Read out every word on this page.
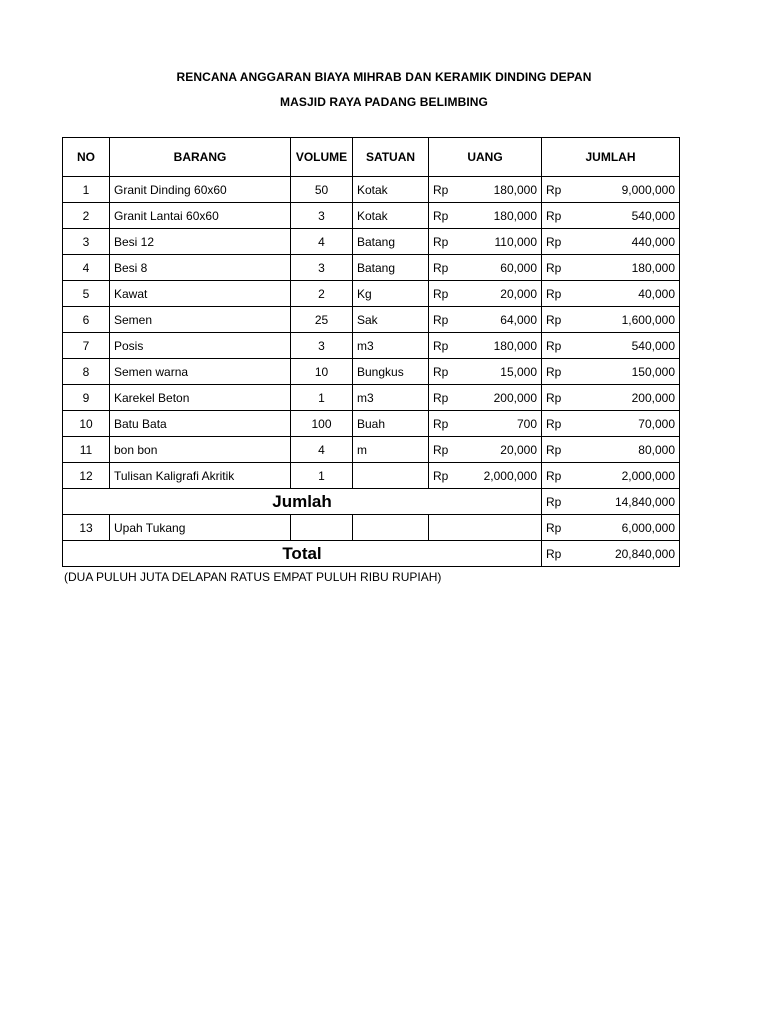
RENCANA ANGGARAN BIAYA MIHRAB DAN KERAMIK DINDING DEPAN
MASJID RAYA PADANG BELIMBING
NO	BARANG	VOLUME	SATUAN	UANG	JUMLAH
1	Granit Dinding 60x60	50	Kotak	Rp 180,000	Rp 9,000,000

2	Granit Lantai 60x60	3	Kotak	Rp 180,000	Rp 540,000

3	Besi 12	4	Batang	Rp 110,000	Rp 440,000

4	Besi 8	3	Batang	Rp 60,000	Rp 180,000

5	Kawat	2	Kg	Rp 20,000	Rp 40,000

6	Semen	25	Sak	Rp 64,000	Rp 1,600,000

7	Posis	3	m3	Rp 180,000	Rp 540,000

8	Semen warna	10	Bungkus	Rp 15,000	Rp 150,000

9	Karekel Beton	1	m3	Rp 200,000	Rp 200,000

10	Batu Bata	100	Buah	Rp 700	Rp 70,000

11	bon bon	4	m	Rp 20,000	Rp 80,000

12	Tulisan Kaligrafi Akritik	1		Rp 2,000,000	Rp 2,000,000

Jumlah					Rp 14,840,000

13	Upah Tukang				Rp 6,000,000

Total					Rp 20,840,000
(DUA PULUH JUTA DELAPAN RATUS EMPAT PULUH RIBU RUPIAH)
